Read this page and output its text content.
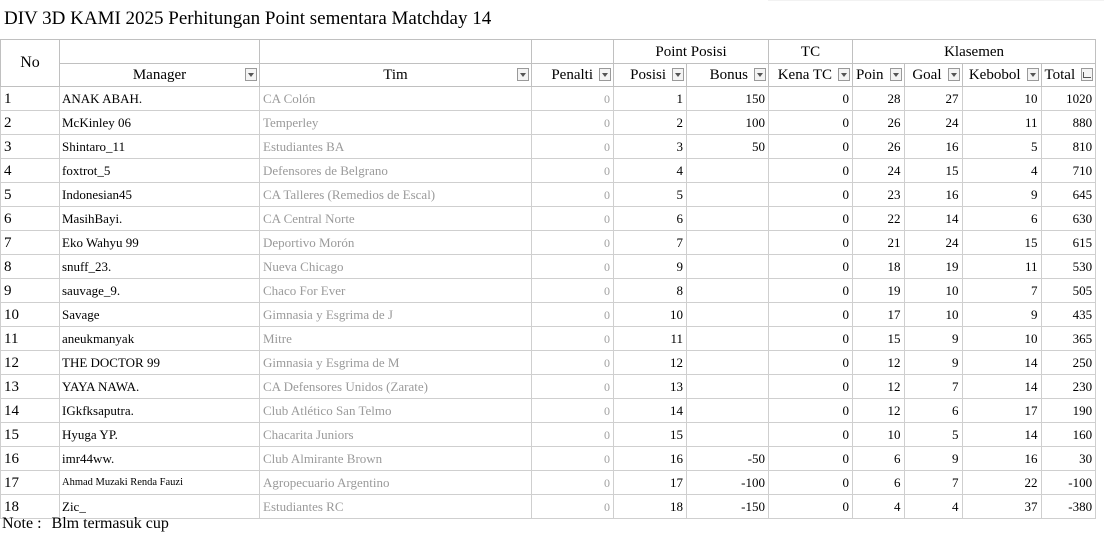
DIV 3D KAMI 2025 Perhitungan Point sementara Matchday 14
No				Point Posisi		TC	Klasemen			
	Manager	Tim	Penalti	Posisi	Bonus	Kena TC	Poin	Goal	Kebobol	Total

1	ANAK ABAH.	CA Colón	0	1	150	0	28	27	10	1020
2	McKinley 06	Temperley	0	2	100	0	26	24	11	880
3	Shintaro_11	Estudiantes BA	0	3	50	0	26	16	5	810
4	foxtrot_5	Defensores de Belgrano	0	4		0	24	15	4	710
5	Indonesian45	CA Talleres (Remedios de Escal)	0	5		0	23	16	9	645
6	MasihBayi.	CA Central Norte	0	6		0	22	14	6	630
7	Eko Wahyu 99	Deportivo Morón	0	7		0	21	24	15	615
8	snuff_23.	Nueva Chicago	0	9		0	18	19	11	530
9	sauvage_9.	Chaco For Ever	0	8		0	19	10	7	505
10	Savage	Gimnasia y Esgrima de J	0	10		0	17	10	9	435
11	aneukmanyak	Mitre	0	11		0	15	9	10	365
12	THE DOCTOR 99	Gimnasia y Esgrima de M	0	12		0	12	9	14	250
13	YAYA NAWA.	CA Defensores Unidos (Zarate)	0	13		0	12	7	14	230
14	IGkfksaputra.	Club Atlético San Telmo	0	14		0	12	6	17	190
15	Hyuga YP.	Chacarita Juniors	0	15		0	10	5	14	160
16	imr44ww.	Club Almirante Brown	0	16	-50	0	6	9	16	30
17	Ahmad Muzaki Renda Fauzi	Agropecuario Argentino	0	17	-100	0	6	7	22	-100
18	Zic_	Estudiantes RC	0	18	-150	0	4	4	37	-380
Note : Blm termasuk cup
